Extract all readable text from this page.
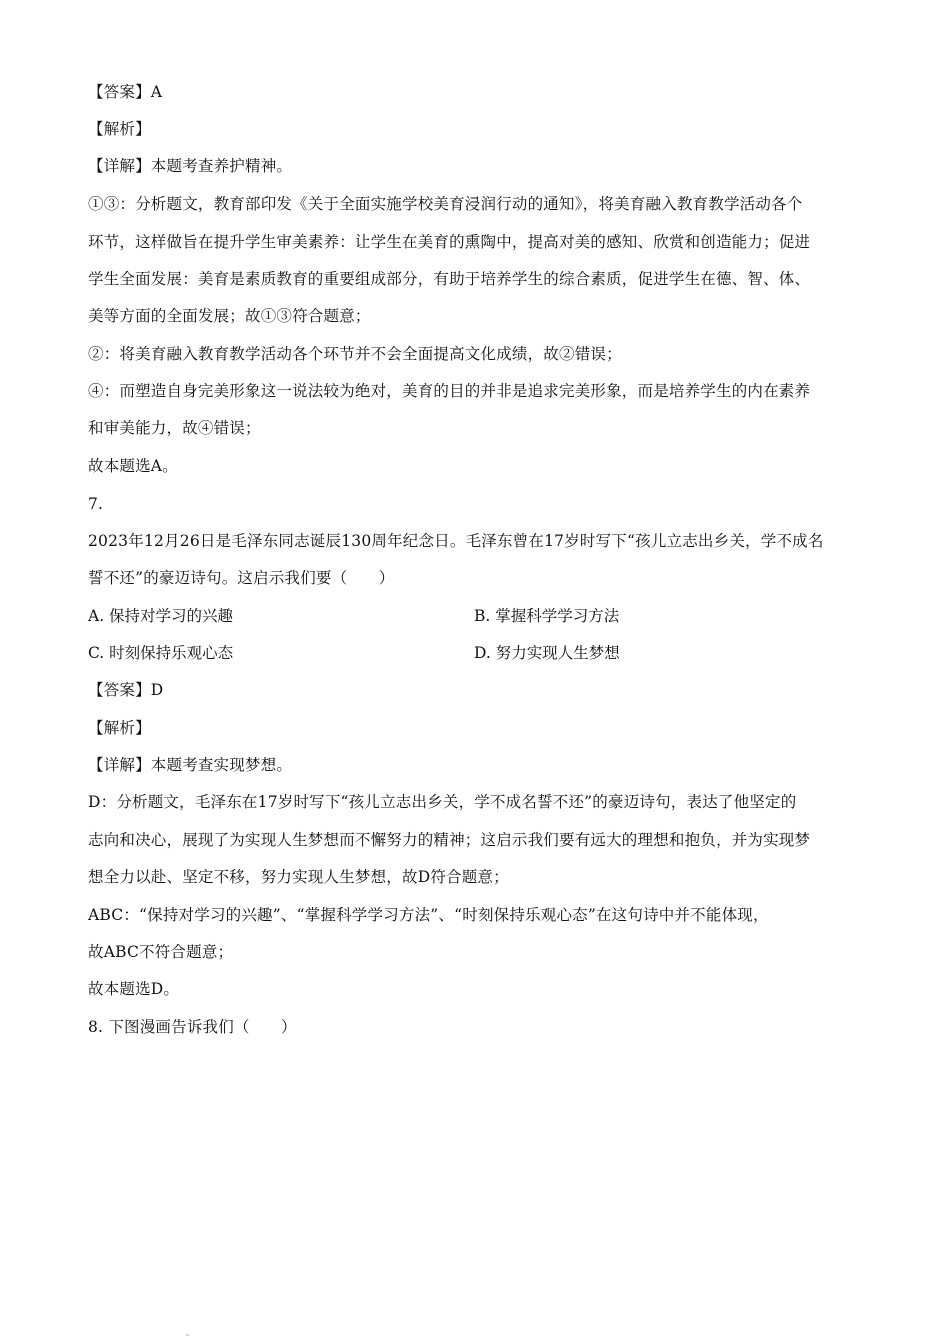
【答案】A
【解析】
【详解】本题考查养护精神。
①③：分析题文，教育部印发《关于全面实施学校美育浸润行动的通知》，将美育融入教育教学活动各个
环节，这样做旨在提升学生审美素养：让学生在美育的熏陶中，提高对美的感知、欣赏和创造能力；促进
学生全面发展：美育是素质教育的重要组成部分，有助于培养学生的综合素质，促进学生在德、智、体、
美等方面的全面发展；故①③符合题意；
②：将美育融入教育教学活动各个环节并不会全面提高文化成绩，故②错误；
④：而塑造自身完美形象这一说法较为绝对，美育的目的并非是追求完美形象，而是培养学生的内在素养
和审美能力，故④错误；
故本题选A。
7.
2023年12月26日是毛泽东同志诞辰130周年纪念日。毛泽东曾在17岁时写下“孩儿立志出乡关，学不成名
誓不还”的豪迈诗句。这启示我们要（　　）
A. 保持对学习的兴趣	B. 掌握科学学习方法
C. 时刻保持乐观心态	D. 努力实现人生梦想
【答案】D
【解析】
【详解】本题考查实现梦想。
D：分析题文，毛泽东在17岁时写下“孩儿立志出乡关，学不成名誓不还”的豪迈诗句，表达了他坚定的
志向和决心，展现了为实现人生梦想而不懈努力的精神；这启示我们要有远大的理想和抱负，并为实现梦
想全力以赴、坚定不移，努力实现人生梦想，故D符合题意；
ABC：“保持对学习的兴趣”、“掌握科学学习方法”、“时刻保持乐观心态”在这句诗中并不能体现，
故ABC不符合题意；
故本题选D。
8. 下图漫画告诉我们（　　）
